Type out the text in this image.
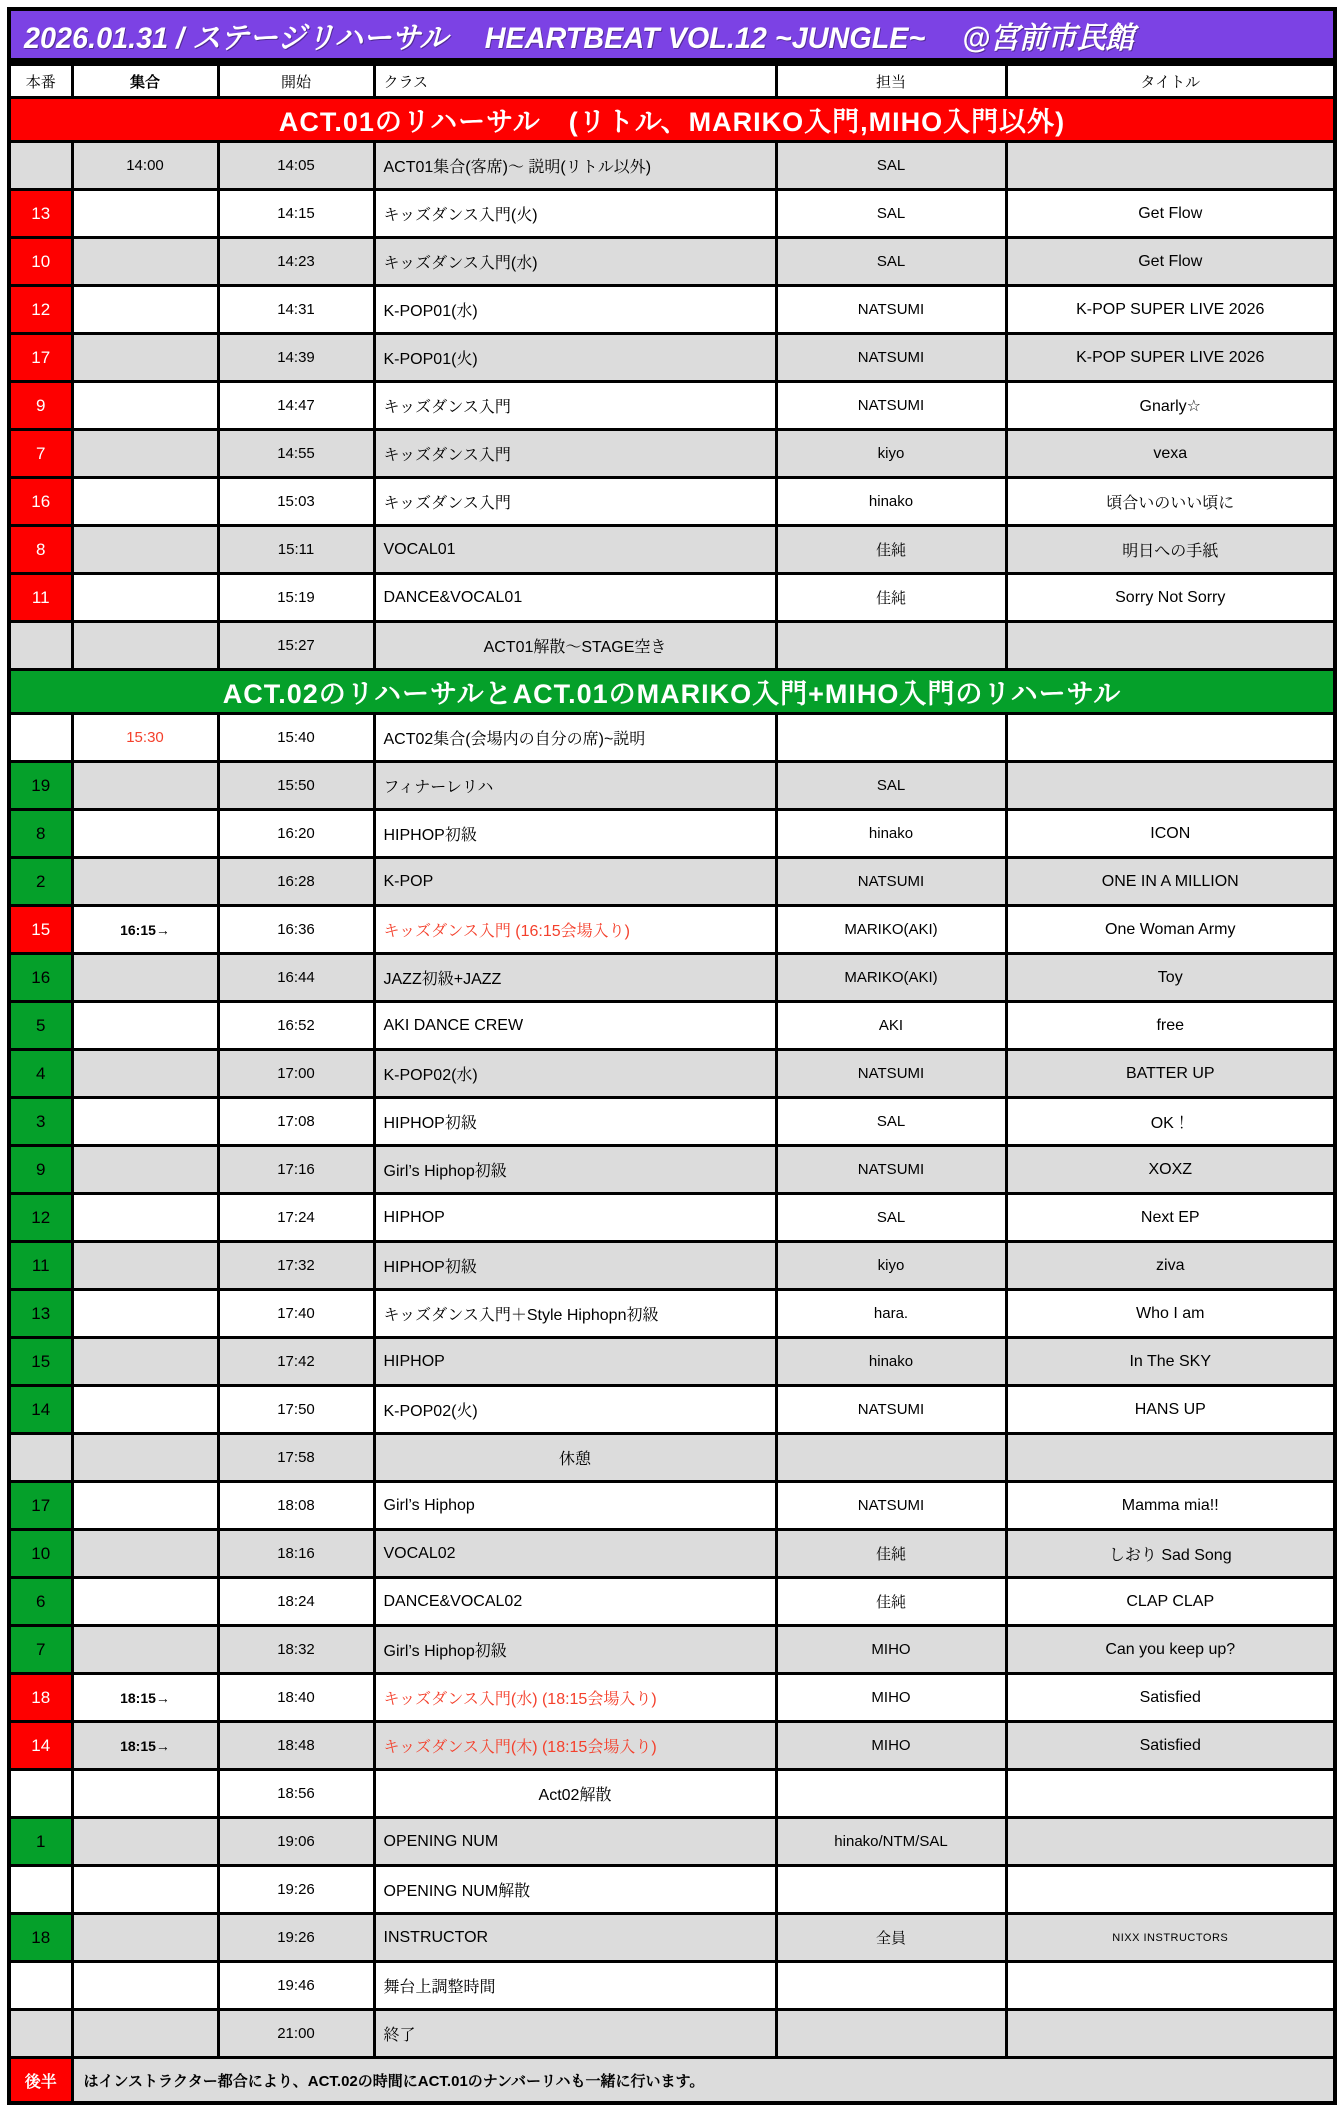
2026.01.31 / ステージリハーサル　 HEARTBEAT VOL.12 ~JUNGLE~　 @宮前市民館
本番	集合	開始	クラス	担当	タイトル
ACT.01のリハーサル　(リトル、MARIKO入門,MIHO入門以外)					
	14:00	14:05	ACT01集合(客席)～ 説明(リトル以外)	SAL	
13		14:15	キッズダンス入門(火)	SAL	Get Flow
10		14:23	キッズダンス入門(水)	SAL	Get Flow
12		14:31	K-POP01(水)	NATSUMI	K-POP SUPER LIVE 2026
17		14:39	K-POP01(火)	NATSUMI	K-POP SUPER LIVE 2026
9		14:47	キッズダンス入門	NATSUMI	Gnarly☆
7		14:55	キッズダンス入門	kiyo	vexa
16		15:03	キッズダンス入門	hinako	頃合いのいい頃に
8		15:11	VOCAL01	佳純	明日への手紙
11		15:19	DANCE&VOCAL01	佳純	Sorry Not Sorry
		15:27	ACT01解散～STAGE空き		
ACT.02のリハーサルとACT.01のMARIKO入門+MIHO入門のリハーサル					
	15:30	15:40	ACT02集合(会場内の自分の席)~説明		
19		15:50	フィナーレリハ	SAL	
8		16:20	HIPHOP初級	hinako	ICON
2		16:28	K-POP	NATSUMI	ONE IN A MILLION
15	16:15→	16:36	キッズダンス入門 (16:15会場入り)	MARIKO(AKI)	One Woman Army
16		16:44	JAZZ初級+JAZZ	MARIKO(AKI)	Toy
5		16:52	AKI DANCE CREW	AKI	free
4		17:00	K-POP02(水)	NATSUMI	BATTER UP
3		17:08	HIPHOP初級	SAL	OK！
9		17:16	Girl’s Hiphop初級	NATSUMI	XOXZ
12		17:24	HIPHOP	SAL	Next EP
11		17:32	HIPHOP初級	kiyo	ziva
13		17:40	キッズダンス入門＋Style Hiphopn初級	hara.	Who I am
15		17:42	HIPHOP	hinako	In The SKY
14		17:50	K-POP02(火)	NATSUMI	HANS UP
		17:58	休憩		
17		18:08	Girl’s Hiphop	NATSUMI	Mamma mia!!
10		18:16	VOCAL02	佳純	しおり Sad Song
6		18:24	DANCE&VOCAL02	佳純	CLAP CLAP
7		18:32	Girl’s Hiphop初級	MIHO	Can you keep up?
18	18:15→	18:40	キッズダンス入門(水) (18:15会場入り)	MIHO	Satisfied
14	18:15→	18:48	キッズダンス入門(木) (18:15会場入り)	MIHO	Satisfied
		18:56	Act02解散		
1		19:06	OPENING NUM	hinako/NTM/SAL	
		19:26	OPENING NUM解散		
18		19:26	INSTRUCTOR	全員	NIXX INSTRUCTORS
		19:46	舞台上調整時間		
		21:00	終了		
後半	はインストラクター都合により、ACT.02の時間にACT.01のナンバーリハも一緒に行います。				
